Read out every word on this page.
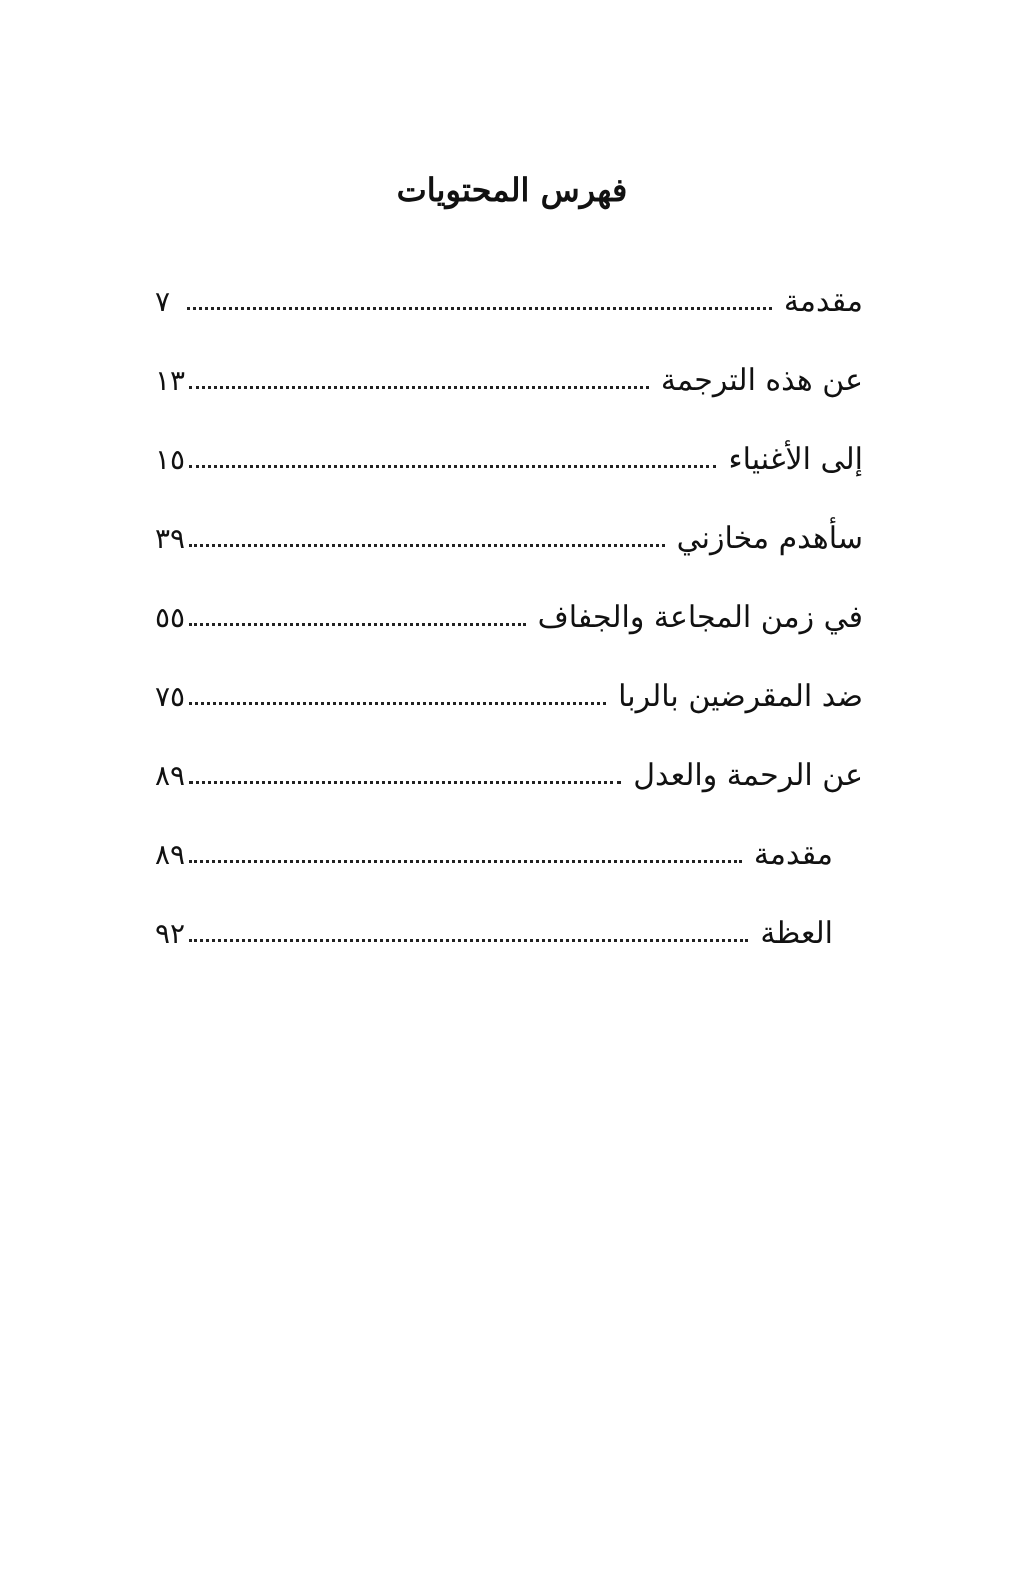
فهرس المحتويات
مقدمة
٧
عن هذه الترجمة
١٣
إلى الأغنياء
١٥
سأهدم مخازني
٣٩
في زمن المجاعة والجفاف
٥٥
ضد المقرضين بالربا
٧٥
عن الرحمة والعدل
٨٩
مقدمة
٨٩
العظة
٩٢
